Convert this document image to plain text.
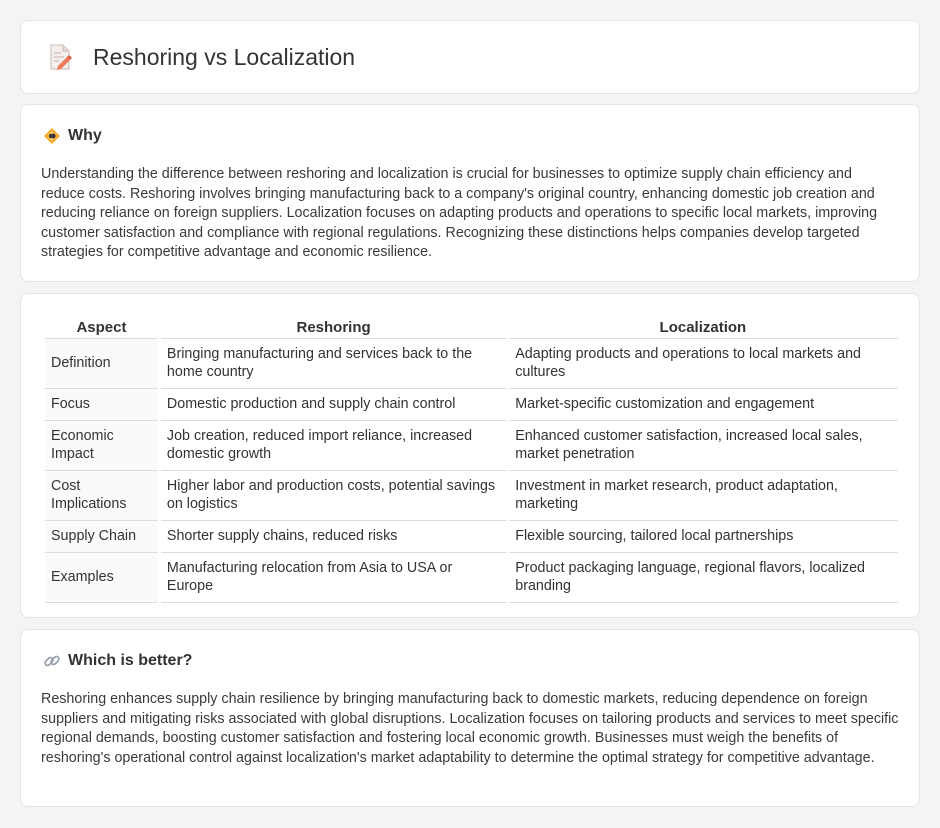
Reshoring vs Localization
Why

Understanding the difference between reshoring and localization is crucial for businesses to optimize supply chain efficiency and reduce costs. Reshoring involves bringing manufacturing back to a company's original country, enhancing domestic job creation and reducing reliance on foreign suppliers. Localization focuses on adapting products and operations to specific local markets, improving customer satisfaction and compliance with regional regulations. Recognizing these distinctions helps companies develop targeted strategies for competitive advantage and economic resilience.

Aspect	Reshoring	Localization
Definition	Bringing manufacturing and services back to the home country	Adapting products and operations to local markets and cultures
Focus	Domestic production and supply chain control	Market-specific customization and engagement
Economic Impact	Job creation, reduced import reliance, increased domestic growth	Enhanced customer satisfaction, increased local sales, market penetration
Cost Implications	Higher labor and production costs, potential savings on logistics	Investment in market research, product adaptation, marketing
Supply Chain	Shorter supply chains, reduced risks	Flexible sourcing, tailored local partnerships
Examples	Manufacturing relocation from Asia to USA or Europe	Product packaging language, regional flavors, localized branding
Which is better?

Reshoring enhances supply chain resilience by bringing manufacturing back to domestic markets, reducing dependence on foreign suppliers and mitigating risks associated with global disruptions. Localization focuses on tailoring products and services to meet specific regional demands, boosting customer satisfaction and fostering local economic growth. Businesses must weigh the benefits of reshoring's operational control against localization's market adaptability to determine the optimal strategy for competitive advantage.
